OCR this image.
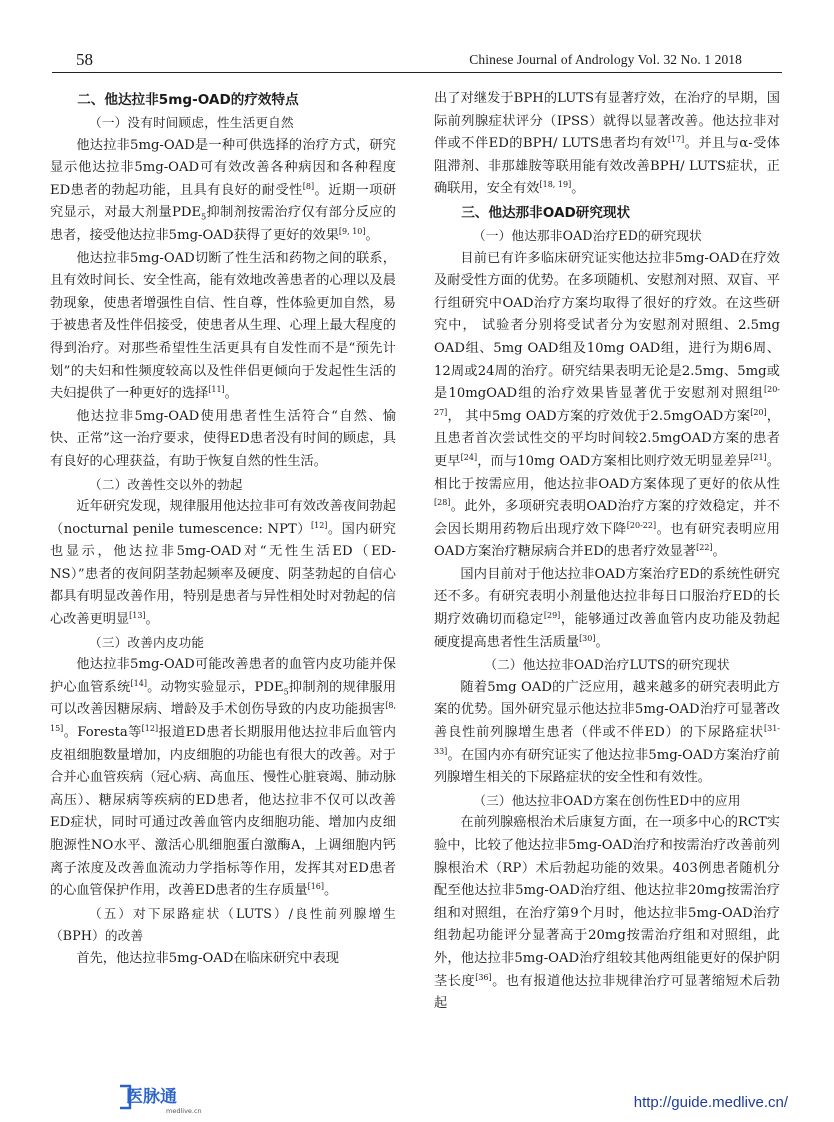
58	Chinese Journal of Andrology Vol. 32 No. 1 2018
二、他达拉非5mg-OAD的疗效特点
（一）没有时间顾虑，性生活更自然

他达拉非5mg-OAD是一种可供选择的治疗方式，研究显示他达拉非5mg-OAD可有效改善各种病因和各种程度ED患者的勃起功能，且具有良好的耐受性[8]。近期一项研究显示，对最大剂量$PDE_5$抑制剂按需治疗仅有部分反应的患者，接受他达拉非5mg-OAD获得了更好的效果[9, 10]。

他达拉非5mg-OAD切断了性生活和药物之间的联系，且有效时间长、安全性高，能有效地改善患者的心理以及晨勃现象，使患者增强性自信、性自尊，性体验更加自然，易于被患者及性伴侣接受，使患者从生理、心理上最大程度的得到治疗。对那些希望性生活更具有自发性而不是“预先计划”的夫妇和性频度较高以及性伴侣更倾向于发起性生活的夫妇提供了一种更好的选择[11]。

他达拉非5mg-OAD使用患者性生活符合“自然、愉快、正常”这一治疗要求，使得ED患者没有时间的顾虑，具有良好的心理获益，有助于恢复自然的性生活。

（二）改善性交以外的勃起

近年研究发现，规律服用他达拉非可有效改善夜间勃起（nocturnal penile tumescence: NPT）[12]。国内研究也显示，他达拉非5mg-OAD对“无性生活ED（ED-NS）”患者的夜间阴茎勃起频率及硬度、阴茎勃起的自信心都具有明显改善作用，特别是患者与异性相处时对勃起的信心改善更明显[13]。

（三）改善内皮功能

他达拉非5mg-OAD可能改善患者的血管内皮功能并保护心血管系统[14]。动物实验显示，$PDE_5$抑制剂的规律服用可以改善因糖尿病、增龄及手术创伤导致的内皮功能损害[8, 15]。Foresta等[12]报道ED患者长期服用他达拉非后血管内皮祖细胞数量增加，内皮细胞的功能也有很大的改善。对于合并心血管疾病（冠心病、高血压、慢性心脏衰竭、肺动脉高压）、糖尿病等疾病的ED患者，他达拉非不仅可以改善ED症状，同时可通过改善血管内皮细胞功能、增加内皮细胞源性NO水平、激活心肌细胞蛋白激酶A，上调细胞内钙离子浓度及改善血流动力学指标等作用，发挥其对ED患者的心血管保护作用，改善ED患者的生存质量[16]。

（五）对下尿路症状（LUTS）/良性前列腺增生（BPH）的改善

首先，他达拉非5mg-OAD在临床研究中表现

出了对继发于BPH的LUTS有显著疗效，在治疗的早期，国际前列腺症状评分（IPSS）就得以显著改善。他达拉非对伴或不伴ED的BPH/ LUTS患者均有效[17]。并且与α-受体阻滞剂、非那雄胺等联用能有效改善BPH/ LUTS症状，正确联用，安全有效[18, 19]。

三、他达那非OAD研究现状
（一）他达那非OAD治疗ED的研究现状

目前已有许多临床研究证实他达拉非5mg-OAD在疗效及耐受性方面的优势。在多项随机、安慰剂对照、双盲、平行组研究中OAD治疗方案均取得了很好的疗效。在这些研究中， 试验者分别将受试者分为安慰剂对照组、2.5mg OAD组、5mg OAD组及10mg OAD组，进行为期6周、12周或24周的治疗。研究结果表明无论是2.5mg、5mg或是10mgOAD组的治疗效果皆显著优于安慰剂对照组[20-27]， 其中5mg OAD方案的疗效优于2.5mgOAD方案[20]，且患者首次尝试性交的平均时间较2.5mgOAD方案的患者更早[24]，而与10mg OAD方案相比则疗效无明显差异[21]。相比于按需应用，他达拉非OAD方案体现了更好的依从性[28]。此外，多项研究表明OAD治疗方案的疗效稳定，并不会因长期用药物后出现疗效下降[20-22]。也有研究表明应用OAD方案治疗糖尿病合并ED的患者疗效显著[22]。

国内目前对于他达拉非OAD方案治疗ED的系统性研究还不多。有研究表明小剂量他达拉非每日口服治疗ED的长期疗效确切而稳定[29]，能够通过改善血管内皮功能及勃起硬度提高患者性生活质量[30]。

（二）他达拉非OAD治疗LUTS的研究现状

随着5mg OAD的广泛应用，越来越多的研究表明此方案的优势。国外研究显示他达拉非5mg-OAD治疗可显著改善良性前列腺增生患者（伴或不伴ED）的下尿路症状[31-33]。在国内亦有研究证实了他达拉非5mg-OAD方案治疗前列腺增生相关的下尿路症状的安全性和有效性。

（三）他达拉非OAD方案在创伤性ED中的应用

在前列腺癌根治术后康复方面，在一项多中心的RCT实验中，比较了他达拉非5mg-OAD治疗和按需治疗改善前列腺根治术（RP）术后勃起功能的效果。403例患者随机分配至他达拉非5mg-OAD治疗组、他达拉非20mg按需治疗组和对照组，在治疗第9个月时，他达拉非5mg-OAD治疗组勃起功能评分显著高于20mg按需治疗组和对照组，此外，他达拉非5mg-OAD治疗组较其他两组能更好的保护阴茎长度[36]。也有报道他达拉非规律治疗可显著缩短术后勃起

医脉通
medlive.cn	http://guide.medlive.cn/
